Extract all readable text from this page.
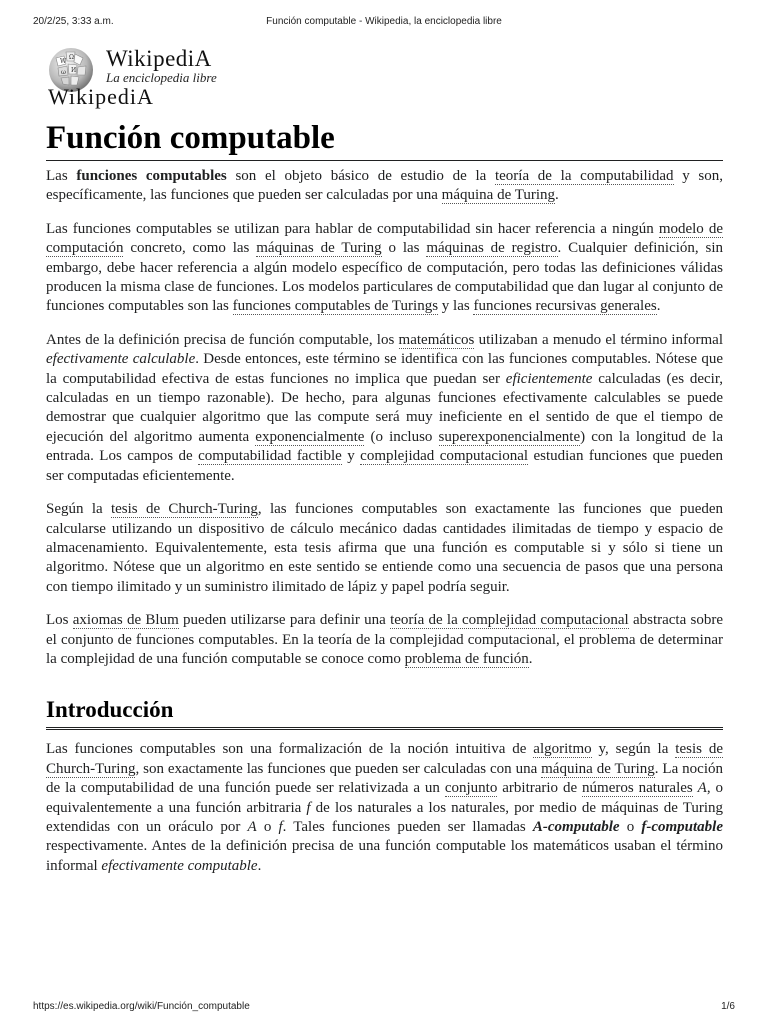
20/2/25, 3:33 a.m.	Función computable - Wikipedia, la enciclopedia libre
W
Ω
И
ω
WikipediA
La enciclopedia libre
WikipediA
Función computable

Las funciones computables son el objeto básico de estudio de la teoría de la computabilidad y son, específicamente, las funciones que pueden ser calculadas por una máquina de Turing.

Las funciones computables se utilizan para hablar de computabilidad sin hacer referencia a ningún modelo de computación concreto, como las máquinas de Turing o las máquinas de registro. Cualquier definición, sin embargo, debe hacer referencia a algún modelo específico de computación, pero todas las definiciones válidas producen la misma clase de funciones. Los modelos particulares de computabilidad que dan lugar al conjunto de funciones computables son las funciones computables de Turings y las funciones recursivas generales.

Antes de la definición precisa de función computable, los matemáticos utilizaban a menudo el término informal efectivamente calculable. Desde entonces, este término se identifica con las funciones computables. Nótese que la computabilidad efectiva de estas funciones no implica que puedan ser eficientemente calculadas (es decir, calculadas en un tiempo razonable). De hecho, para algunas funciones efectivamente calculables se puede demostrar que cualquier algoritmo que las compute será muy ineficiente en el sentido de que el tiempo de ejecución del algoritmo aumenta exponencialmente (o incluso superexponencialmente) con la longitud de la entrada. Los campos de computabilidad factible y complejidad computacional estudian funciones que pueden ser computadas eficientemente.

Según la tesis de Church-Turing, las funciones computables son exactamente las funciones que pueden calcularse utilizando un dispositivo de cálculo mecánico dadas cantidades ilimitadas de tiempo y espacio de almacenamiento. Equivalentemente, esta tesis afirma que una función es computable si y sólo si tiene un algoritmo. Nótese que un algoritmo en este sentido se entiende como una secuencia de pasos que una persona con tiempo ilimitado y un suministro ilimitado de lápiz y papel podría seguir.

Los axiomas de Blum pueden utilizarse para definir una teoría de la complejidad computacional abstracta sobre el conjunto de funciones computables. En la teoría de la complejidad computacional, el problema de determinar la complejidad de una función computable se conoce como problema de función.

Introducción

Las funciones computables son una formalización de la noción intuitiva de algoritmo y, según la tesis de Church-Turing, son exactamente las funciones que pueden ser calculadas con una máquina de Turing. La noción de la computabilidad de una función puede ser relativizada a un conjunto arbitrario de números naturales A, o equivalentemente a una función arbitraria f de los naturales a los naturales, por medio de máquinas de Turing extendidas con un oráculo por A o f. Tales funciones pueden ser llamadas A-computable o f-computable respectivamente. Antes de la definición precisa de una función computable los matemáticos usaban el término informal efectivamente computable.

https://es.wikipedia.org/wiki/Función_computable	1/6
